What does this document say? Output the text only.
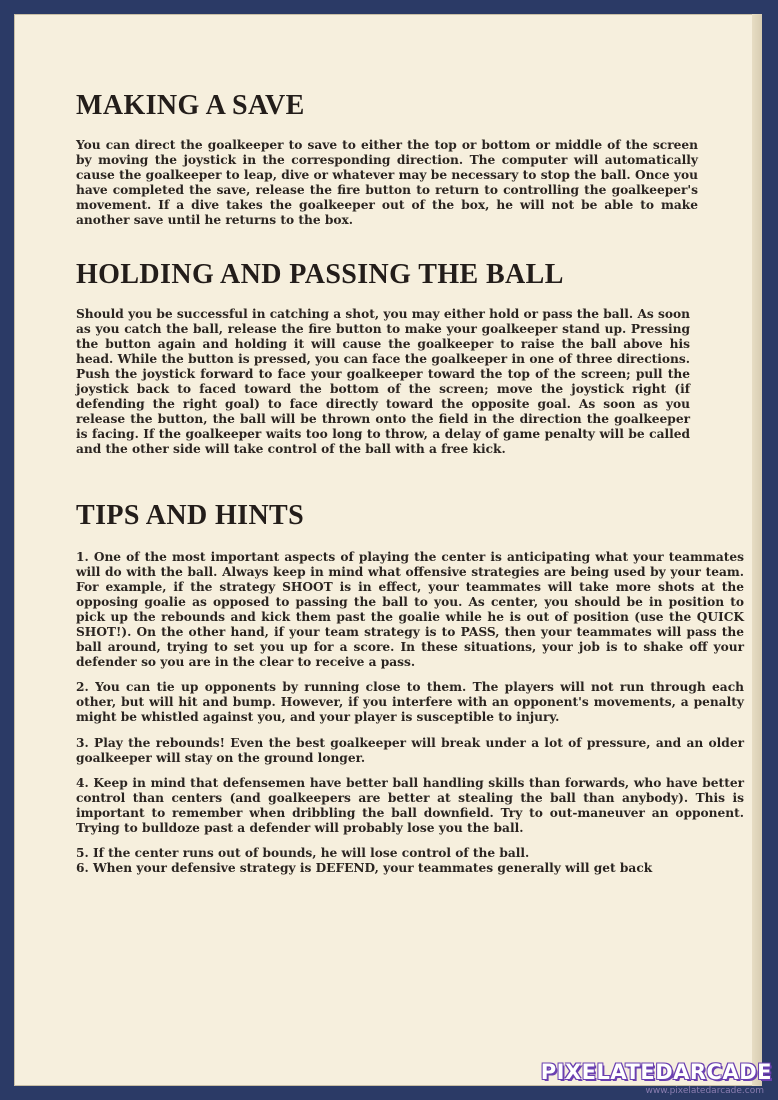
MAKING A SAVE

You can direct the goalkeeper to save to either the top or bottom or middle of the screen by moving the joystick in the corresponding direction. The computer will automatically cause the goalkeeper to leap, dive or whatever may be necessary to stop the ball. Once you have completed the save, release the fire button to return to controlling the goalkeeper's movement. If a dive takes the goalkeeper out of the box, he will not be able to make another save until he returns to the box.

HOLDING AND PASSING THE BALL

Should you be successful in catching a shot, you may either hold or pass the ball. As soon as you catch the ball, release the fire button to make your goalkeeper stand up. Pressing the button again and holding it will cause the goalkeeper to raise the ball above his head. While the button is pressed, you can face the goalkeeper in one of three directions. Push the joystick forward to face your goalkeeper toward the top of the screen; pull the joystick back to faced toward the bottom of the screen; move the joystick right (if defending the right goal) to face directly toward the opposite goal. As soon as you release the button, the ball will be thrown onto the field in the direction the goalkeeper is facing. If the goalkeeper waits too long to throw, a delay of game penalty will be called and the other side will take control of the ball with a free kick.

TIPS AND HINTS

1. One of the most important aspects of playing the center is anticipating what your teammates will do with the ball. Always keep in mind what offensive strategies are being used by your team. For example, if the strategy SHOOT is in effect, your teammates will take more shots at the opposing goalie as opposed to passing the ball to you. As center, you should be in position to pick up the rebounds and kick them past the goalie while he is out of position (use the QUICK SHOT!). On the other hand, if your team strategy is to PASS, then your teammates will pass the ball around, trying to set you up for a score. In these situations, your job is to shake off your defender so you are in the clear to receive a pass.

2. You can tie up opponents by running close to them. The players will not run through each other, but will hit and bump. However, if you interfere with an opponent's movements, a penalty might be whistled against you, and your player is susceptible to injury.

3. Play the rebounds! Even the best goalkeeper will break under a lot of pressure, and an older goalkeeper will stay on the ground longer.

4. Keep in mind that defensemen have better ball handling skills than forwards, who have better control than centers (and goalkeepers are better at stealing the ball than anybody). This is important to remember when dribbling the ball downfield. Try to out-maneuver an opponent. Trying to bulldoze past a defender will probably lose you the ball.

5. If the center runs out of bounds, he will lose control of the ball.

6. When your defensive strategy is DEFEND, your teammates generally will get back

PIXELATEDARCADE
www.pixelatedarcade.com
